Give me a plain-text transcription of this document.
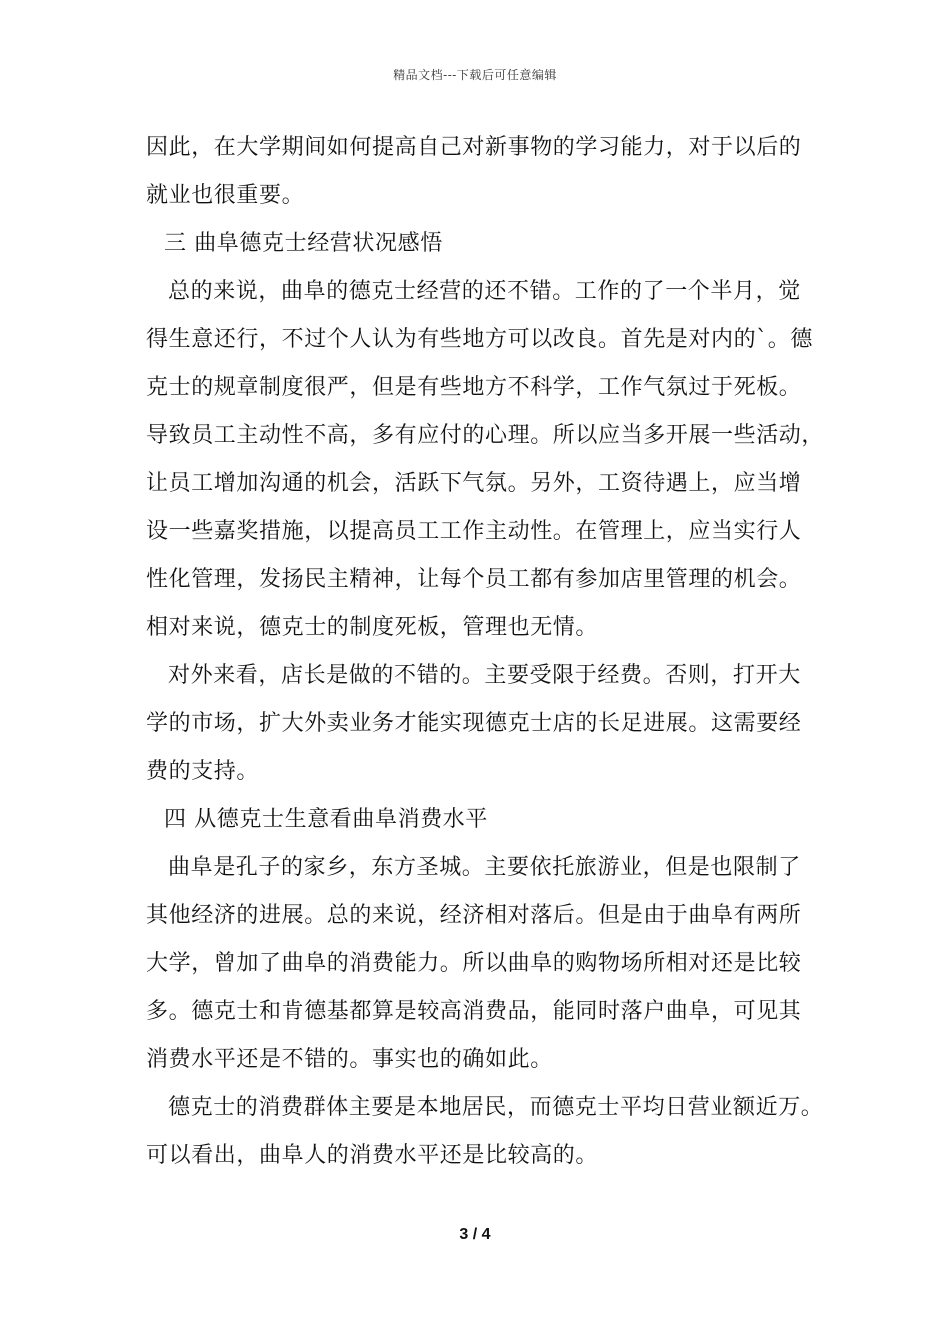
精品文档---下载后可任意编辑
因此，在大学期间如何提高自己对新事物的学习能力，对于以后的
就业也很重要。
三 曲阜德克士经营状况感悟
总的来说，曲阜的德克士经营的还不错。工作的了一个半月，觉
得生意还行，不过个人认为有些地方可以改良。首先是对内的`。德
克士的规章制度很严，但是有些地方不科学，工作气氛过于死板。
导致员工主动性不高，多有应付的心理。所以应当多开展一些活动，
让员工增加沟通的机会，活跃下气氛。另外，工资待遇上，应当增
设一些嘉奖措施，以提高员工工作主动性。在管理上，应当实行人
性化管理，发扬民主精神，让每个员工都有参加店里管理的机会。
相对来说，德克士的制度死板，管理也无情。
对外来看，店长是做的不错的。主要受限于经费。否则，打开大
学的市场，扩大外卖业务才能实现德克士店的长足进展。这需要经
费的支持。
四 从德克士生意看曲阜消费水平
曲阜是孔子的家乡，东方圣城。主要依托旅游业，但是也限制了
其他经济的进展。总的来说，经济相对落后。但是由于曲阜有两所
大学，曾加了曲阜的消费能力。所以曲阜的购物场所相对还是比较
多。德克士和肯德基都算是较高消费品，能同时落户曲阜，可见其
消费水平还是不错的。事实也的确如此。
德克士的消费群体主要是本地居民，而德克士平均日营业额近万。
可以看出，曲阜人的消费水平还是比较高的。
3 / 4
